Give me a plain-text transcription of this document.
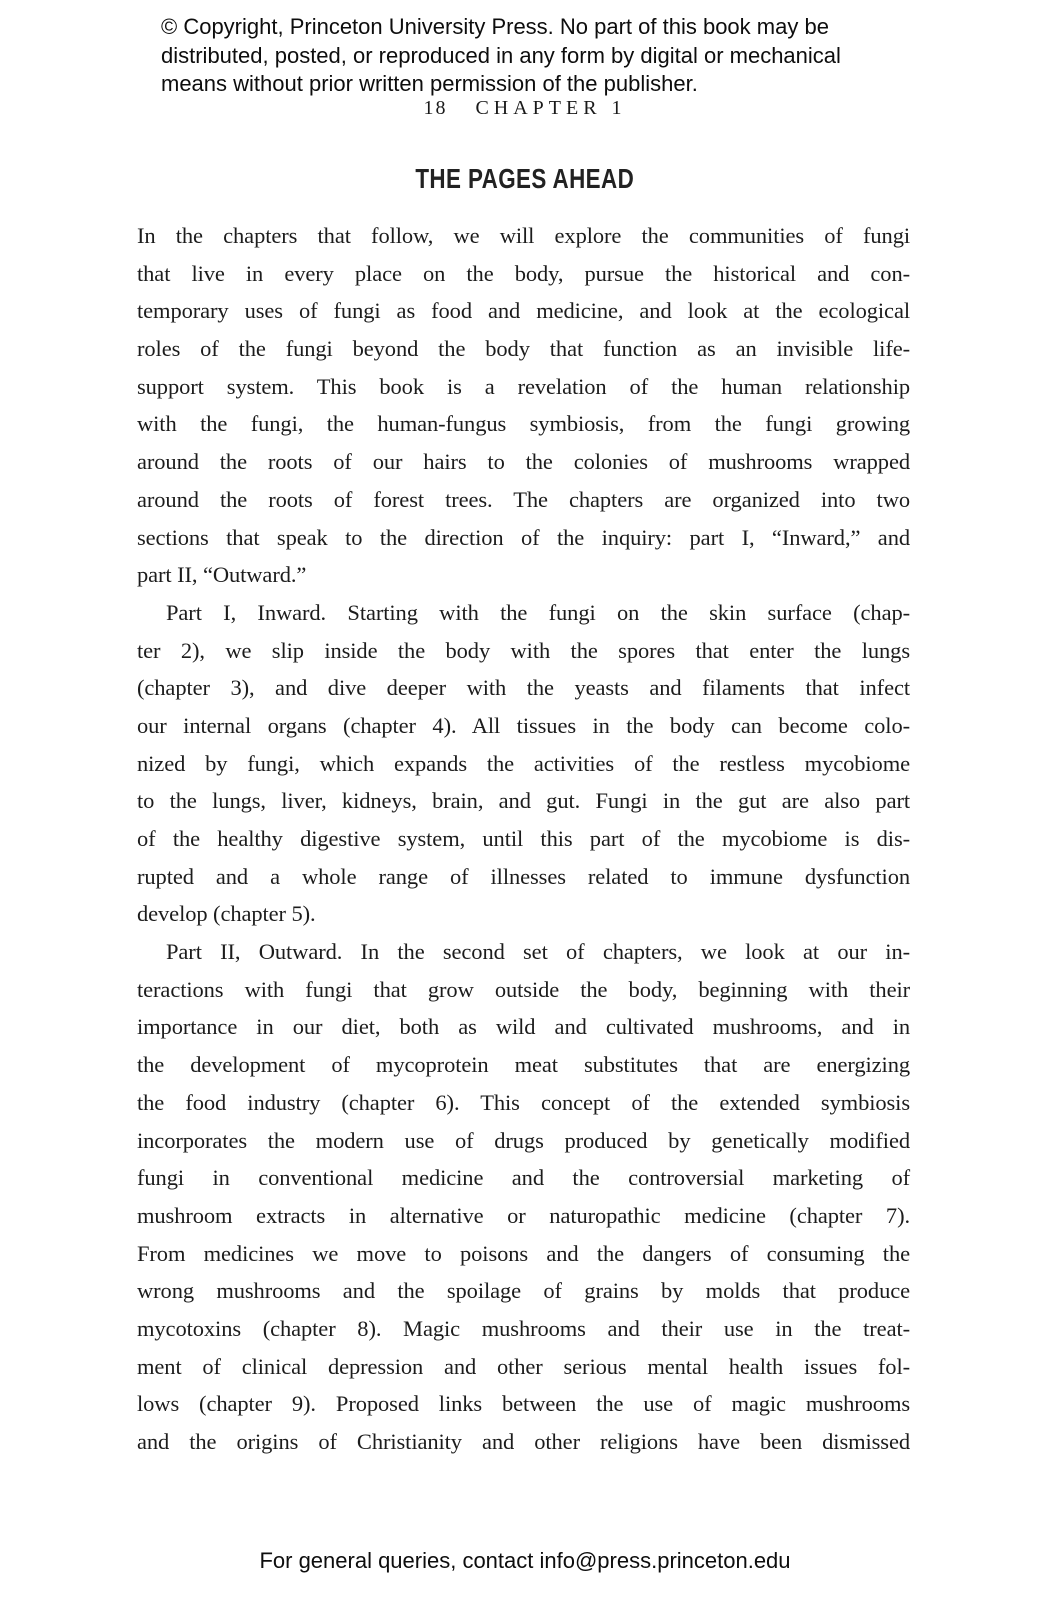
© Copyright, Princeton University Press. No part of this book may be
distributed, posted, or reproduced in any form by digital or mechanical
means without prior written permission of the publisher.
18 CHAPTER 1
THE PAGES AHEAD
In the chapters that follow, we will explore the communities of fungi
that live in every place on the body, pursue the historical and con-
temporary uses of fungi as food and medicine, and look at the ecological
roles of the fungi beyond the body that function as an invisible life-
support system. This book is a revelation of the human relationship
with the fungi, the human-fungus symbiosis, from the fungi growing
around the roots of our hairs to the colonies of mushrooms wrapped
around the roots of forest trees. The chapters are organized into two
sections that speak to the direction of the inquiry: part I, “Inward,” and
part II, “Outward.”
Part I, Inward. Starting with the fungi on the skin surface (chap-
ter 2), we slip inside the body with the spores that enter the lungs
(chapter 3), and dive deeper with the yeasts and filaments that infect
our internal organs (chapter 4). All tissues in the body can become colo-
nized by fungi, which expands the activities of the restless mycobiome
to the lungs, liver, kidneys, brain, and gut. Fungi in the gut are also part
of the healthy digestive system, until this part of the mycobiome is dis-
rupted and a whole range of illnesses related to immune dysfunction
develop (chapter 5).
Part II, Outward. In the second set of chapters, we look at our in-
teractions with fungi that grow outside the body, beginning with their
importance in our diet, both as wild and cultivated mushrooms, and in
the development of mycoprotein meat substitutes that are energizing
the food industry (chapter 6). This concept of the extended symbiosis
incorporates the modern use of drugs produced by genetically modified
fungi in conventional medicine and the controversial marketing of
mushroom extracts in alternative or naturopathic medicine (chapter 7).
From medicines we move to poisons and the dangers of consuming the
wrong mushrooms and the spoilage of grains by molds that produce
mycotoxins (chapter 8). Magic mushrooms and their use in the treat-
ment of clinical depression and other serious mental health issues fol-
lows (chapter 9). Proposed links between the use of magic mushrooms
and the origins of Christianity and other religions have been dismissed
For general queries, contact info@press.princeton.edu
